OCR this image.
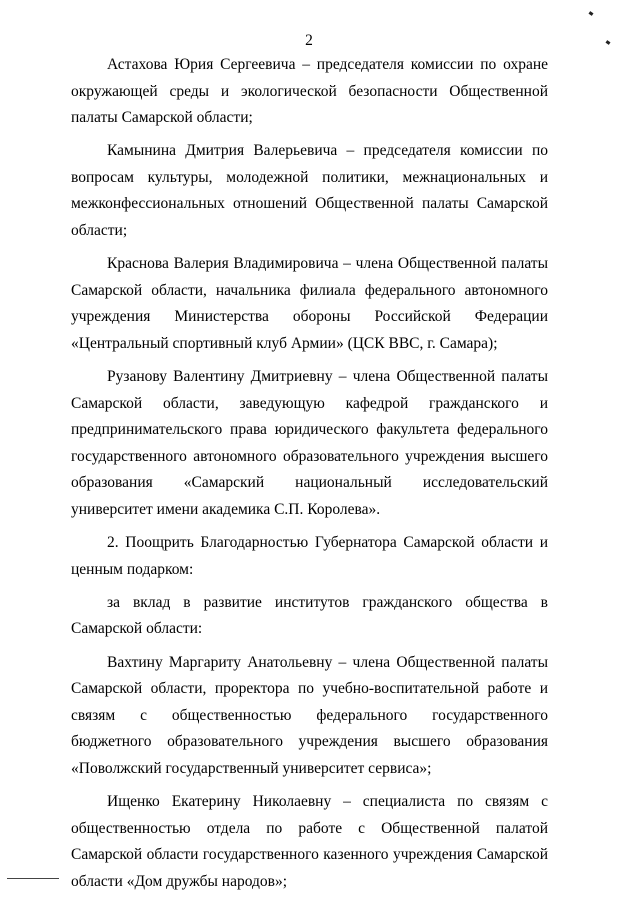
2

Астахова Юрия Сергеевича – председателя комиссии по охране окружающей среды и экологической безопасности Общественной палаты Самарской области;

Камынина Дмитрия Валерьевича – председателя комиссии по вопросам культуры, молодежной политики, межнациональных и межконфессиональных отношений Общественной палаты Самарской области;

Краснова Валерия Владимировича – члена Общественной палаты Самарской области, начальника филиала федерального автономного учреждения Министерства обороны Российской Федерации «Центральный спортивный клуб Армии» (ЦСК ВВС, г. Самара);

Рузанову Валентину Дмитриевну – члена Общественной палаты Самарской области, заведующую кафедрой гражданского и предпринимательского права юридического факультета федерального государственного автономного образовательного учреждения высшего образования «Самарский национальный исследовательский университет имени академика С.П. Королева».

2. Поощрить Благодарностью Губернатора Самарской области и ценным подарком:

за вклад в развитие институтов гражданского общества в Самарской области:

Вахтину Маргариту Анатольевну – члена Общественной палаты Самарской области, проректора по учебно-воспитательной работе и связям с общественностью федерального государственного бюджетного образовательного учреждения высшего образования «Поволжский государственный университет сервиса»;

Ищенко Екатерину Николаевну – специалиста по связям с общественностью отдела по работе с Общественной палатой Самарской области государственного казенного учреждения Самарской области «Дом дружбы народов»;
